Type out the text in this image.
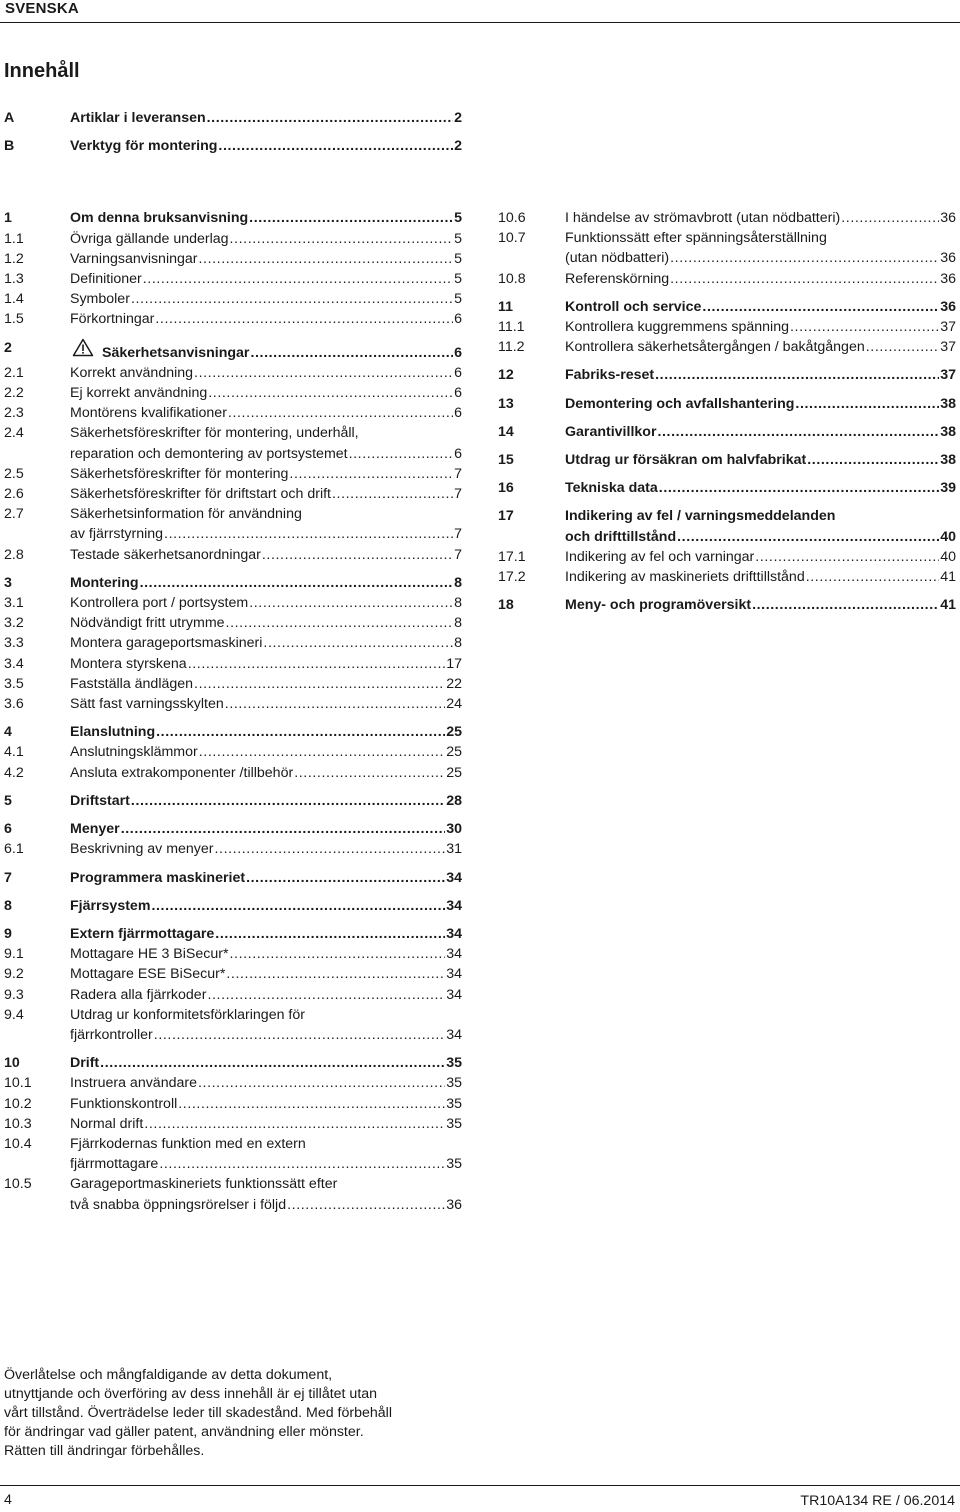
SVENSKA
Innehåll
A	Artiklar i leveransen .....	2
B	Verktyg för montering .....	2
1	Om denna bruksanvisning .....	5
1.1	Övriga gällande underlag .....	5
1.2	Varningsanvisningar .....	5
1.3	Definitioner .....	5
1.4	Symboler .....	5
1.5	Förkortningar .....	6
2	Säkerhetsanvisningar .....	6
2.1	Korrekt användning .....	6
2.2	Ej korrekt användning .....	6
2.3	Montörens kvalifikationer .....	6
2.4	Säkerhetsföreskrifter för montering, underhåll,
reparation och demontering av portsystemet .....	6
2.5	Säkerhetsföreskrifter för montering .....	7
2.6	Säkerhetsföreskrifter för driftstart och drift .....	7
2.7	Säkerhetsinformation för användning
av fjärrstyrning .....	7
2.8	Testade säkerhetsanordningar .....	7
3	Montering .....	8
3.1	Kontrollera port / portsystem .....	8
3.2	Nödvändigt fritt utrymme .....	8
3.3	Montera garageportsmaskineri .....	8
3.4	Montera styrskena .....	17
3.5	Fastställa ändlägen .....	22
3.6	Sätt fast varningsskylten .....	24
4	Elanslutning .....	25
4.1	Anslutningsklämmor .....	25
4.2	Ansluta extrakomponenter /tillbehör .....	25
5	Driftstart .....	28
6	Menyer .....	30
6.1	Beskrivning av menyer .....	31
7	Programmera maskineriet .....	34
8	Fjärrsystem .....	34
9	Extern fjärrmottagare .....	34
9.1	Mottagare HE 3 BiSecur* .....	34
9.2	Mottagare ESE BiSecur* .....	34
9.3	Radera alla fjärrkoder .....	34
9.4	Utdrag ur konformitetsförklaringen för
fjärrkontroller .....	34
10	Drift .....	35
10.1	Instruera användare .....	35
10.2	Funktionskontroll .....	35
10.3	Normal drift .....	35
10.4	Fjärrkodernas funktion med en extern
fjärrmottagare .....	35
10.5	Garageportmaskineriets funktionssätt efter
två snabba öppningsrörelser i följd .....	36
10.6	I händelse av strömavbrott (utan nödbatteri) .....	36
10.7	Funktionssätt efter spänningsåterställning
(utan nödbatteri) .....	36
10.8	Referenskörning .....	36
11	Kontroll och service .....	36
11.1	Kontrollera kuggremmens spänning .....	37
11.2	Kontrollera säkerhetsåtergången / bakåtgången .....	37
12	Fabriks-reset .....	37
13	Demontering och avfallshantering .....	38
14	Garantivillkor .....	38
15	Utdrag ur försäkran om halvfabrikat .....	38
16	Tekniska data .....	39
17	Indikering av fel / varningsmeddelanden
och drifttillstånd .....	40
17.1	Indikering av fel och varningar .....	40
17.2	Indikering av maskineriets drifttillstånd .....	41
18	Meny- och programöversikt .....	41

Överlåtelse och mångfaldigande av detta dokument,
utnyttjande och överföring av dess innehåll är ej tillåtet utan
vårt tillstånd. Överträdelse leder till skadestånd. Med förbehåll
för ändringar vad gäller patent, användning eller mönster.
Rätten till ändringar förbehålles.

4	TR10A134 RE / 06.2014
